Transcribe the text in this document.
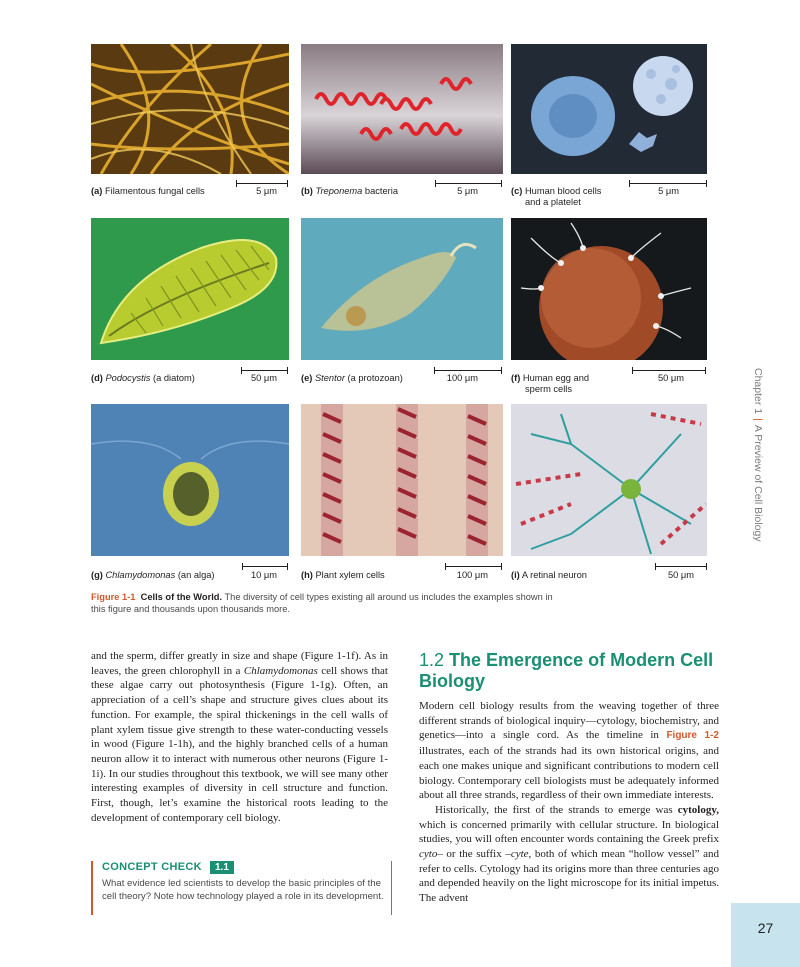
(a) Filamentous fungal cells	5 μm	(b) Treponema bacteria	5 μm	(c) Human blood cells
and a platelet
5 μm
(d) Podocystis (a diatom)	50 μm	(e) Stentor (a protozoan)	100 μm	(f) Human egg and
sperm cells
50 μm
(g) Chlamydomonas (an alga)	10 μm	(h) Plant xylem cells	100 μm (i) A retinal neuron	50 μm
Figure 1-1 Cells of the World. The diversity of cell types existing all around us includes the examples shown in this figure and thousands upon thousands more.
Chapter 1|A Preview of Cell Biology

and the sperm, differ greatly in size and shape (Figure 1-1f). As in leaves, the green chlorophyll in a Chlamydomonas cell shows that these algae carry out photosynthesis (Figure 1-1g). Often, an appreciation of a cell’s shape and structure gives clues about its function. For example, the spiral thickenings in the cell walls of plant xylem tissue give strength to these water-conducting vessels in wood (Figure 1-1h), and the highly branched cells of a human neuron allow it to interact with numerous other neurons (Figure 1-1i). In our studies throughout this textbook, we will see many other interesting examples of diversity in cell structure and function. First, though, let’s examine the historical roots leading to the development of contemporary cell biology.

CONCEPT CHECK	1.1
What evidence led scientists to develop the basic principles of the cell theory? Note how technology played a role in its development.
1.2 The Emergence of Modern Cell Biology

Modern cell biology results from the weaving together of three different strands of biological inquiry—cytology, biochemistry, and genetics—into a single cord. As the timeline in Figure 1-2 illustrates, each of the strands had its own historical origins, and each one makes unique and significant contributions to modern cell biology. Contemporary cell biologists must be adequately informed about all three strands, regardless of their own immediate interests.

Historically, the first of the strands to emerge was cytology, which is concerned primarily with cellular structure. In biological studies, you will often encounter words containing the Greek prefix cyto– or the suffix –cyte, both of which mean “hollow vessel” and refer to cells. Cytology had its origins more than three centuries ago and depended heavily on the light microscope for its initial impetus. The advent

27
